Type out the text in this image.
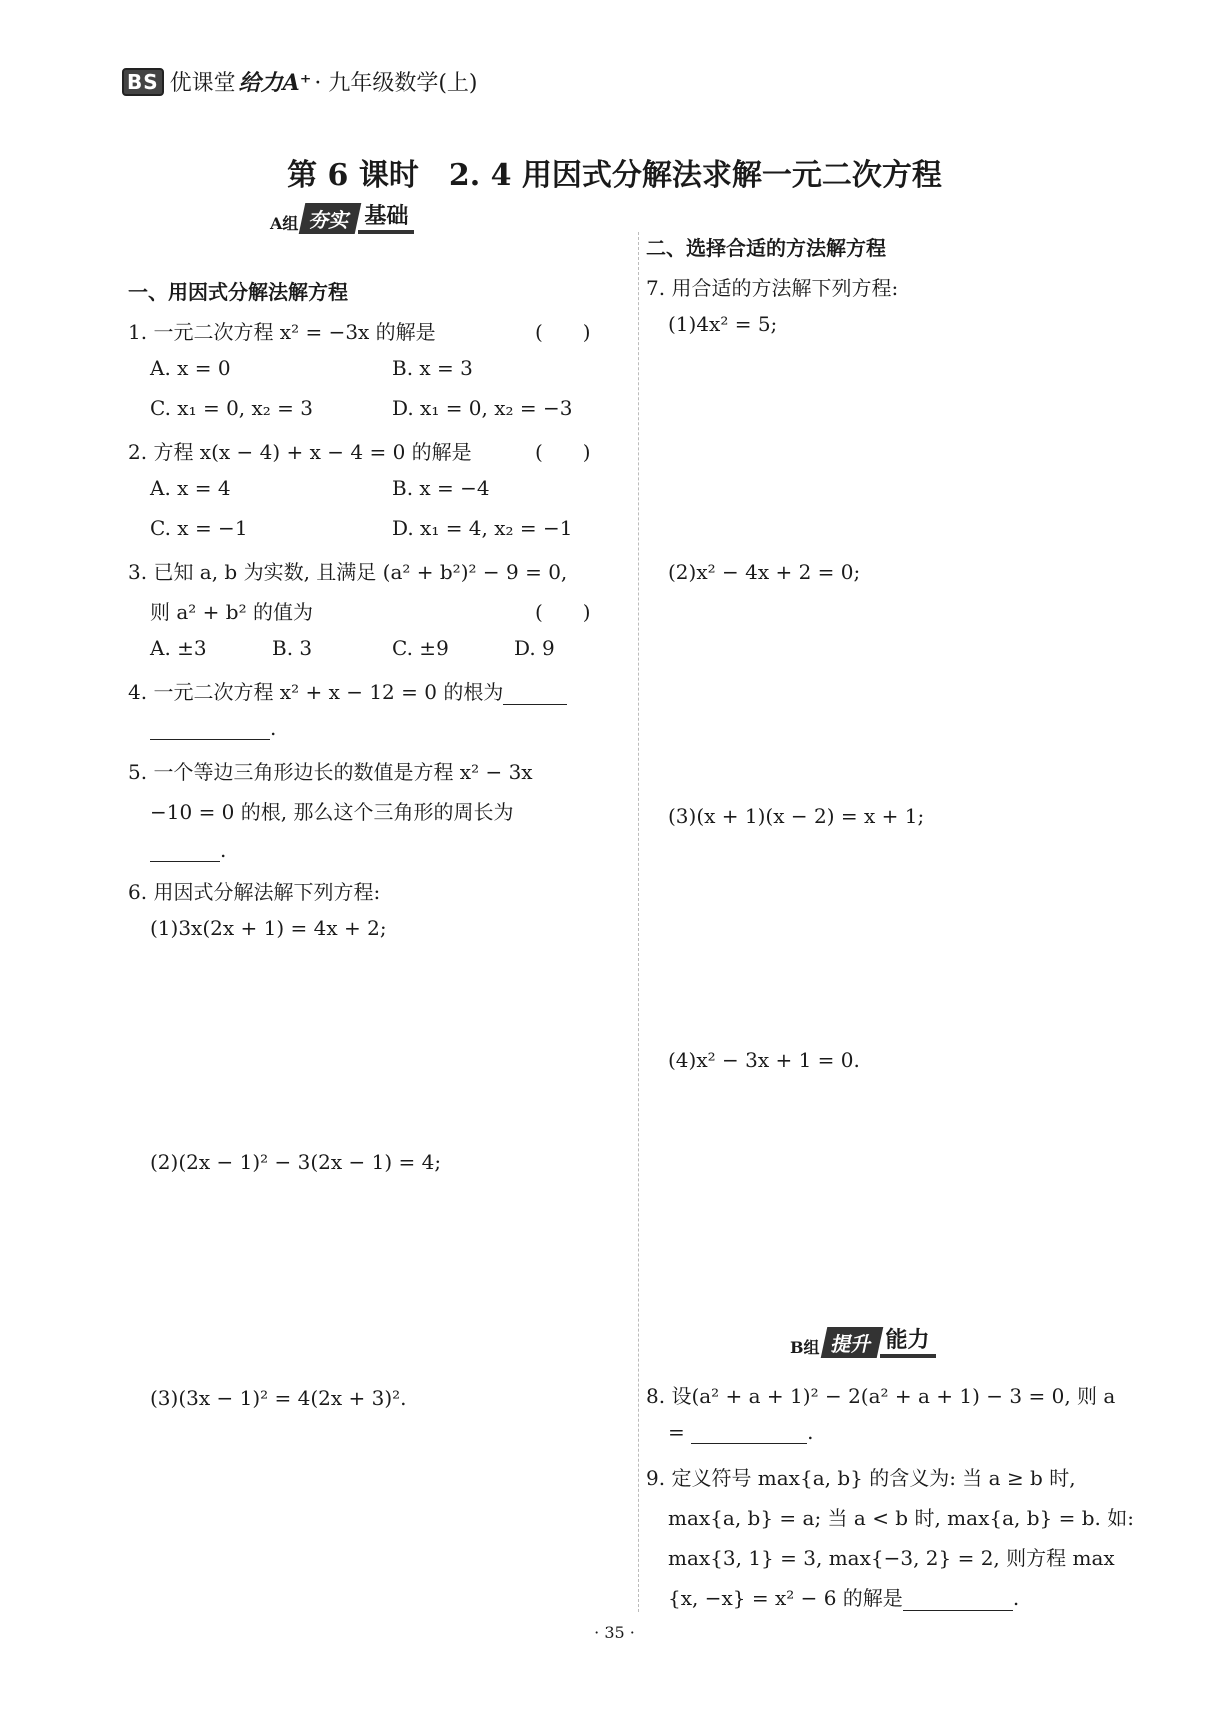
BS 优课堂 给力A⁺ · 九年级数学(上)
第 6 课时　2. 4 用因式分解法求解一元二次方程
A组 夯实 基础
一、用因式分解法解方程
1. 一元二次方程 x² = −3x 的解是	(　　)
A. x = 0	B. x = 3
C. x₁ = 0, x₂ = 3	D. x₁ = 0, x₂ = −3
2. 方程 x(x − 4) + x − 4 = 0 的解是	(　　)
A. x = 4	B. x = −4
C. x = −1	D. x₁ = 4, x₂ = −1
3. 已知 a, b 为实数, 且满足 (a² + b²)² − 9 = 0,
则 a² + b² 的值为	(　　)
A. ±3	B. 3	C. ±9	D. 9
4. 一元二次方程 x² + x − 12 = 0 的根为
.
5. 一个等边三角形边长的数值是方程 x² − 3x
−10 = 0 的根, 那么这个三角形的周长为
.
6. 用因式分解法解下列方程:
(1)3x(2x + 1) = 4x + 2;
(2)(2x − 1)² − 3(2x − 1) = 4;
(3)(3x − 1)² = 4(2x + 3)².
二、选择合适的方法解方程
7. 用合适的方法解下列方程:
(1)4x² = 5;
(2)x² − 4x + 2 = 0;
(3)(x + 1)(x − 2) = x + 1;
(4)x² − 3x + 1 = 0.
B组 提升 能力
8. 设(a² + a + 1)² − 2(a² + a + 1) − 3 = 0, 则 a
=	.
9. 定义符号 max{a, b} 的含义为: 当 a ≥ b 时,
max{a, b} = a; 当 a < b 时, max{a, b} = b. 如:
max{3, 1} = 3, max{−3, 2} = 2, 则方程 max
{x, −x} = x² − 6 的解是	.
· 35 ·
